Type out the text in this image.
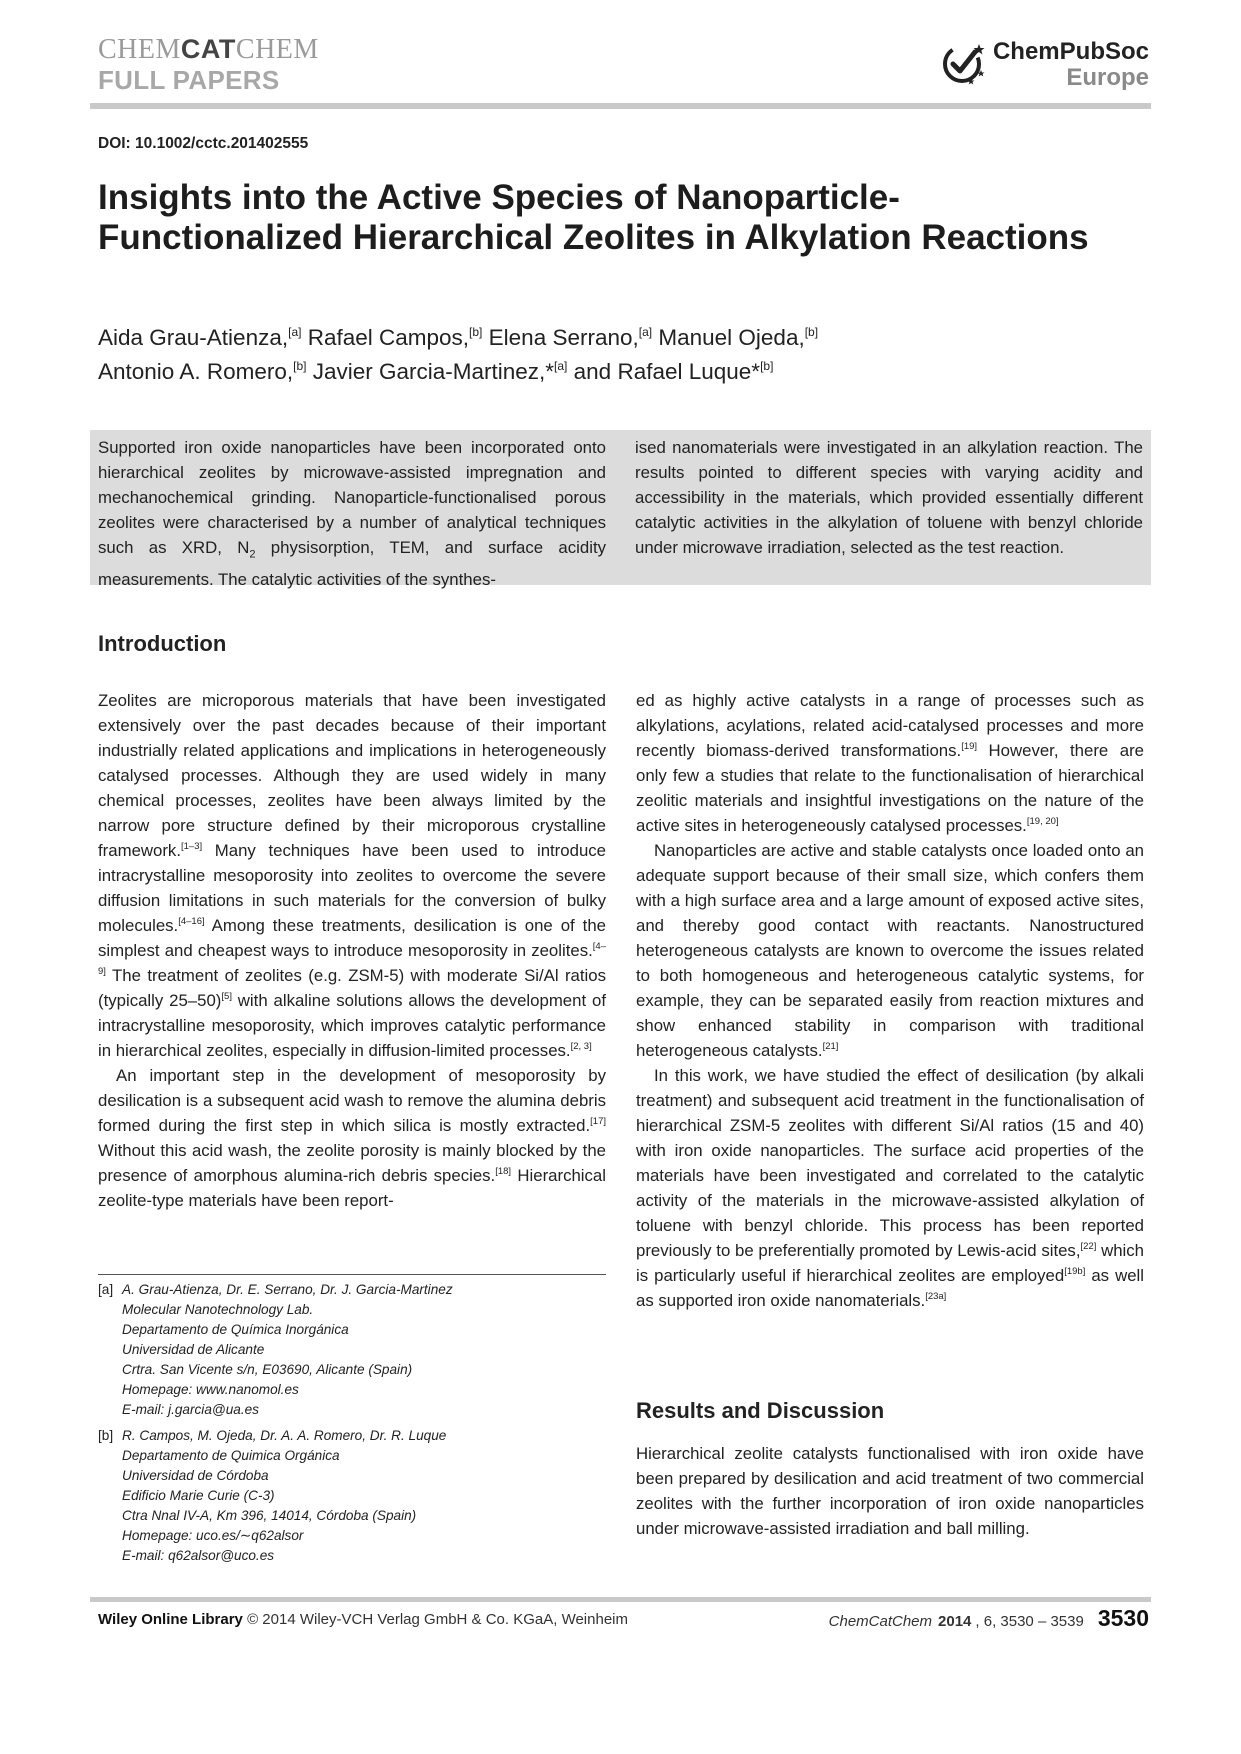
CHEMCATCHEM
FULL PAPERS
ChemPubSoc
Europe
DOI: 10.1002/cctc.201402555
Insights into the Active Species of Nanoparticle-Functionalized Hierarchical Zeolites in Alkylation Reactions
Aida Grau-Atienza,[a] Rafael Campos,[b] Elena Serrano,[a] Manuel Ojeda,[b]
Antonio A. Romero,[b] Javier Garcia-Martinez,*[a] and Rafael Luque*[b]
Supported iron oxide nanoparticles have been incorporated onto hierarchical zeolites by microwave-assisted impregnation and mechanochemical grinding. Nanoparticle-functionalised porous zeolites were characterised by a number of analytical techniques such as XRD, $N_2$ physisorption, TEM, and surface acidity measurements. The catalytic activities of the synthes-
ised nanomaterials were investigated in an alkylation reaction. The results pointed to different species with varying acidity and accessibility in the materials, which provided essentially different catalytic activities in the alkylation of toluene with benzyl chloride under microwave irradiation, selected as the test reaction.
Introduction

Zeolites are microporous materials that have been investigated extensively over the past decades because of their important industrially related applications and implications in heterogeneously catalysed processes. Although they are used widely in many chemical processes, zeolites have been always limited by the narrow pore structure defined by their microporous crystalline framework.[1–3] Many techniques have been used to introduce intracrystalline mesoporosity into zeolites to overcome the severe diffusion limitations in such materials for the conversion of bulky molecules.[4–16] Among these treatments, desilication is one of the simplest and cheapest ways to introduce mesoporosity in zeolites.[4–9] The treatment of zeolites (e.g. ZSM-5) with moderate Si/Al ratios (typically 25–50)[5] with alkaline solutions allows the development of intracrystalline mesoporosity, which improves catalytic performance in hierarchical zeolites, especially in diffusion-limited processes.[2, 3]

An important step in the development of mesoporosity by desilication is a subsequent acid wash to remove the alumina debris formed during the first step in which silica is mostly extracted.[17] Without this acid wash, the zeolite porosity is mainly blocked by the presence of amorphous alumina-rich debris species.[18] Hierarchical zeolite-type materials have been report-

ed as highly active catalysts in a range of processes such as alkylations, acylations, related acid-catalysed processes and more recently biomass-derived transformations.[19] However, there are only few a studies that relate to the functionalisation of hierarchical zeolitic materials and insightful investigations on the nature of the active sites in heterogeneously catalysed processes.[19, 20]

Nanoparticles are active and stable catalysts once loaded onto an adequate support because of their small size, which confers them with a high surface area and a large amount of exposed active sites, and thereby good contact with reactants. Nanostructured heterogeneous catalysts are known to overcome the issues related to both homogeneous and heterogeneous catalytic systems, for example, they can be separated easily from reaction mixtures and show enhanced stability in comparison with traditional heterogeneous catalysts.[21]

In this work, we have studied the effect of desilication (by alkali treatment) and subsequent acid treatment in the functionalisation of hierarchical ZSM-5 zeolites with different Si/Al ratios (15 and 40) with iron oxide nanoparticles. The surface acid properties of the materials have been investigated and correlated to the catalytic activity of the materials in the microwave-assisted alkylation of toluene with benzyl chloride. This process has been reported previously to be preferentially promoted by Lewis-acid sites,[22] which is particularly useful if hierarchical zeolites are employed[19b] as well as supported iron oxide nanomaterials.[23a]

Results and Discussion

Hierarchical zeolite catalysts functionalised with iron oxide have been prepared by desilication and acid treatment of two commercial zeolites with the further incorporation of iron oxide nanoparticles under microwave-assisted irradiation and ball milling.

[a] A. Grau-Atienza, Dr. E. Serrano, Dr. J. Garcia-Martinez
Molecular Nanotechnology Lab.
Departamento de Química Inorgánica
Universidad de Alicante
Crtra. San Vicente s/n, E03690, Alicante (Spain)
Homepage: www.nanomol.es
E-mail: j.garcia@ua.es
[b] R. Campos, M. Ojeda, Dr. A. A. Romero, Dr. R. Luque
Departamento de Quimica Orgánica
Universidad de Córdoba
Edificio Marie Curie (C-3)
Ctra Nnal IV-A, Km 396, 14014, Córdoba (Spain)
Homepage: uco.es/∼q62alsor
E-mail: q62alsor@uco.es
Wiley Online Library © 2014 Wiley-VCH Verlag GmbH & Co. KGaA, Weinheim	ChemCatChem 2014 , 6, 3530 – 3539 3530
